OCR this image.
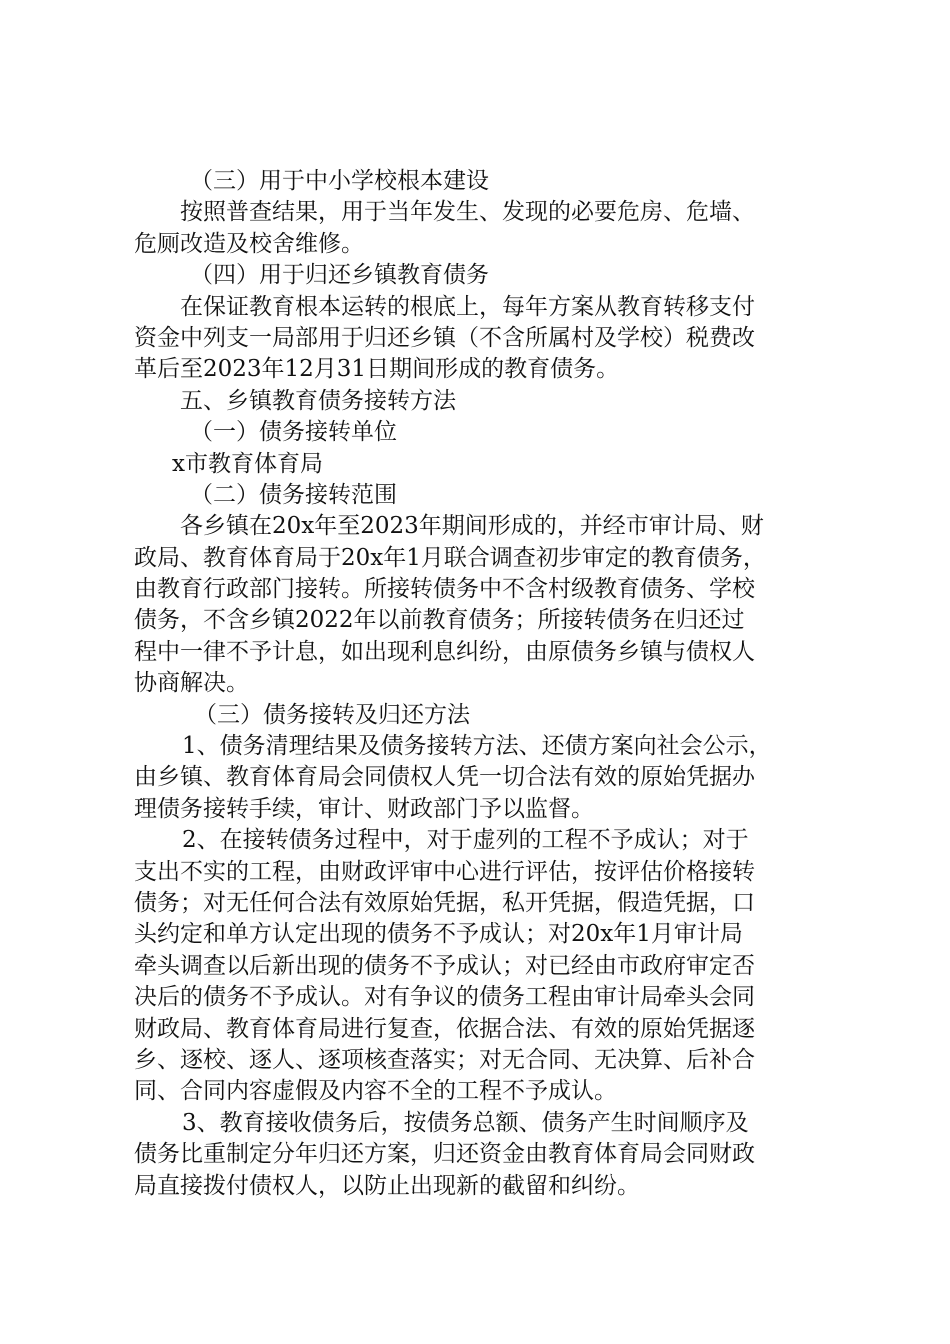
（三）用于中小学校根本建设
按照普查结果，用于当年发生、发现的必要危房、危墙、
危厕改造及校舍维修。
（四）用于归还乡镇教育债务
在保证教育根本运转的根底上，每年方案从教育转移支付
资金中列支一局部用于归还乡镇（不含所属村及学校）税费改
革后至2023年12月31日期间形成的教育债务。
五、乡镇教育债务接转方法
（一）债务接转单位
x市教育体育局
（二）债务接转范围
各乡镇在20x年至2023年期间形成的，并经市审计局、财
政局、教育体育局于20x年1月联合调查初步审定的教育债务，
由教育行政部门接转。所接转债务中不含村级教育债务、学校
债务，不含乡镇2022年以前教育债务；所接转债务在归还过
程中一律不予计息，如出现利息纠纷，由原债务乡镇与债权人
协商解决。
（三）债务接转及归还方法
1、债务清理结果及债务接转方法、还债方案向社会公示，
由乡镇、教育体育局会同债权人凭一切合法有效的原始凭据办
理债务接转手续，审计、财政部门予以监督。
2、在接转债务过程中，对于虚列的工程不予成认；对于
支出不实的工程，由财政评审中心进行评估，按评估价格接转
债务；对无任何合法有效原始凭据，私开凭据，假造凭据，口
头约定和单方认定出现的债务不予成认；对20x年1月审计局
牵头调查以后新出现的债务不予成认；对已经由市政府审定否
决后的债务不予成认。对有争议的债务工程由审计局牵头会同
财政局、教育体育局进行复查，依据合法、有效的原始凭据逐
乡、逐校、逐人、逐项核查落实；对无合同、无决算、后补合
同、合同内容虚假及内容不全的工程不予成认。
3、教育接收债务后，按债务总额、债务产生时间顺序及
债务比重制定分年归还方案，归还资金由教育体育局会同财政
局直接拨付债权人，以防止出现新的截留和纠纷。
